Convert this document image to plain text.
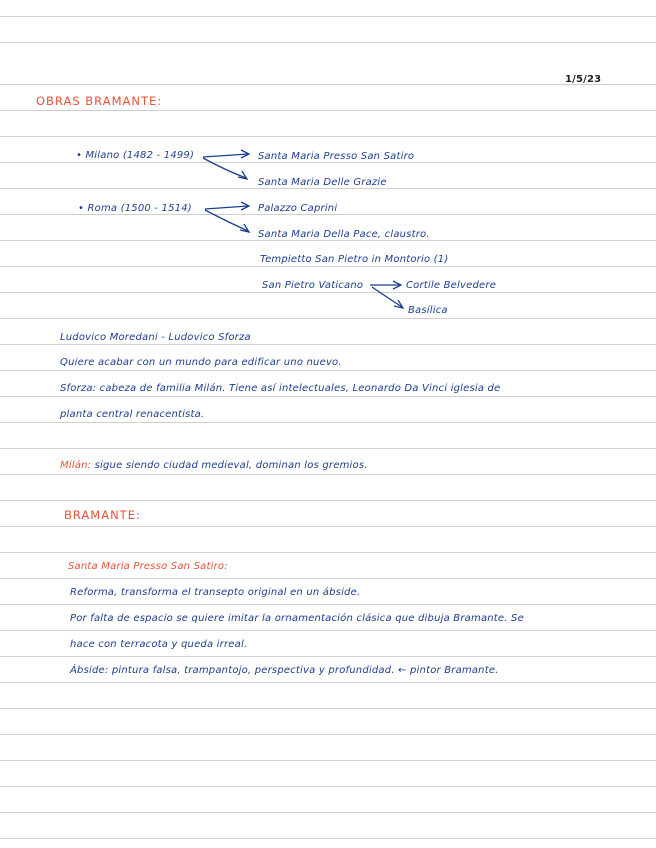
1/5/23
OBRAS BRAMANTE:
• Milano (1482 - 1499)	Santa Maria Presso San Satiro
Santa Maria Delle Grazie
• Roma (1500 - 1514)	Palazzo Caprini
Santa Maria Della Pace, claustro.
Tempietto San Pietro in Montorio (1)
San Pietro Vaticano	Cortile Belvedere
Basílica
Ludovico Moredani - Ludovico Sforza
Quiere acabar con un mundo para edificar uno nuevo.
Sforza: cabeza de familia Milán. Tiene así intelectuales, Leonardo Da Vinci iglesia de
planta central renacentista.
Milán: sigue siendo ciudad medieval, dominan los gremios.
BRAMANTE:
Santa Maria Presso San Satiro:
Reforma, transforma el transepto original en un ábside.
Por falta de espacio se quiere imitar la ornamentación clásica que dibuja Bramante. Se
hace con terracota y queda irreal.
Ábside: pintura falsa, trampantojo, perspectiva y profundidad. ← pintor Bramante.
